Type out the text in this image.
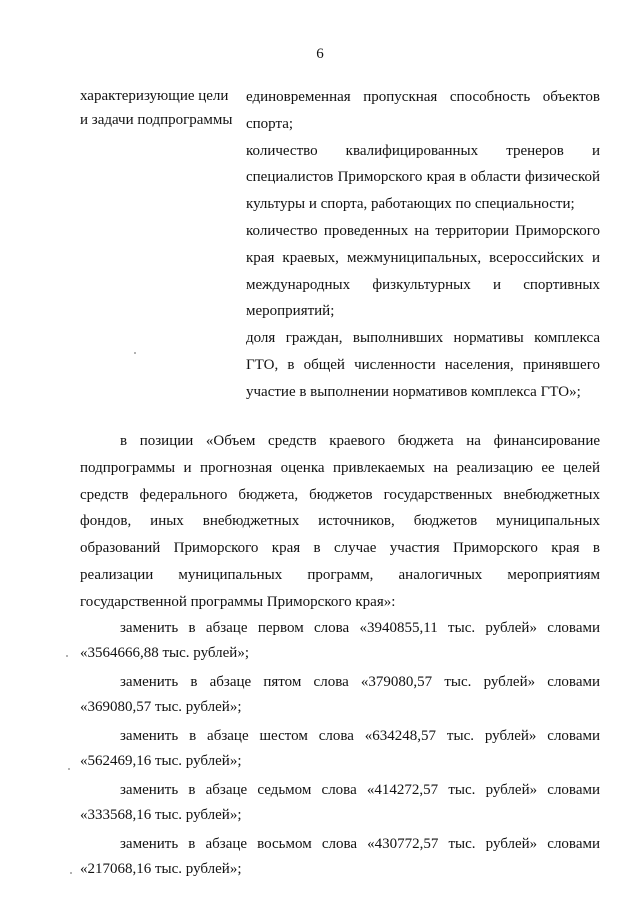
6
характеризующие цели и задачи подпрограммы

единовременная пропускная способность объектов спорта;

количество квалифицированных тренеров и специалистов Приморского края в области физической культуры и спорта, работающих по специальности;

количество проведенных на территории Приморского края краевых, межмуниципальных, всероссийских и международных физкультурных и спортивных мероприятий;

доля граждан, выполнивших нормативы комплекса ГТО, в общей численности населения, принявшего участие в выполнении нормативов комплекса ГТО»;

в позиции «Объем средств краевого бюджета на финансирование подпрограммы и прогнозная оценка привлекаемых на реализацию ее целей средств федерального бюджета, бюджетов государственных внебюджетных фондов, иных внебюджетных источников, бюджетов муниципальных образований Приморского края в случае участия Приморского края в реализации муниципальных программ, аналогичных мероприятиям государственной программы Приморского края»:

заменить в абзаце первом слова «3940855,11 тыс. рублей» словами
«3564666,88 тыс. рублей»;
заменить в абзаце пятом слова «379080,57 тыс. рублей» словами
«369080,57 тыс. рублей»;
заменить в абзаце шестом слова «634248,57 тыс. рублей» словами
«562469,16 тыс. рублей»;
заменить в абзаце седьмом слова «414272,57 тыс. рублей» словами
«333568,16 тыс. рублей»;
заменить в абзаце восьмом слова «430772,57 тыс. рублей» словами
«217068,16 тыс. рублей»;
